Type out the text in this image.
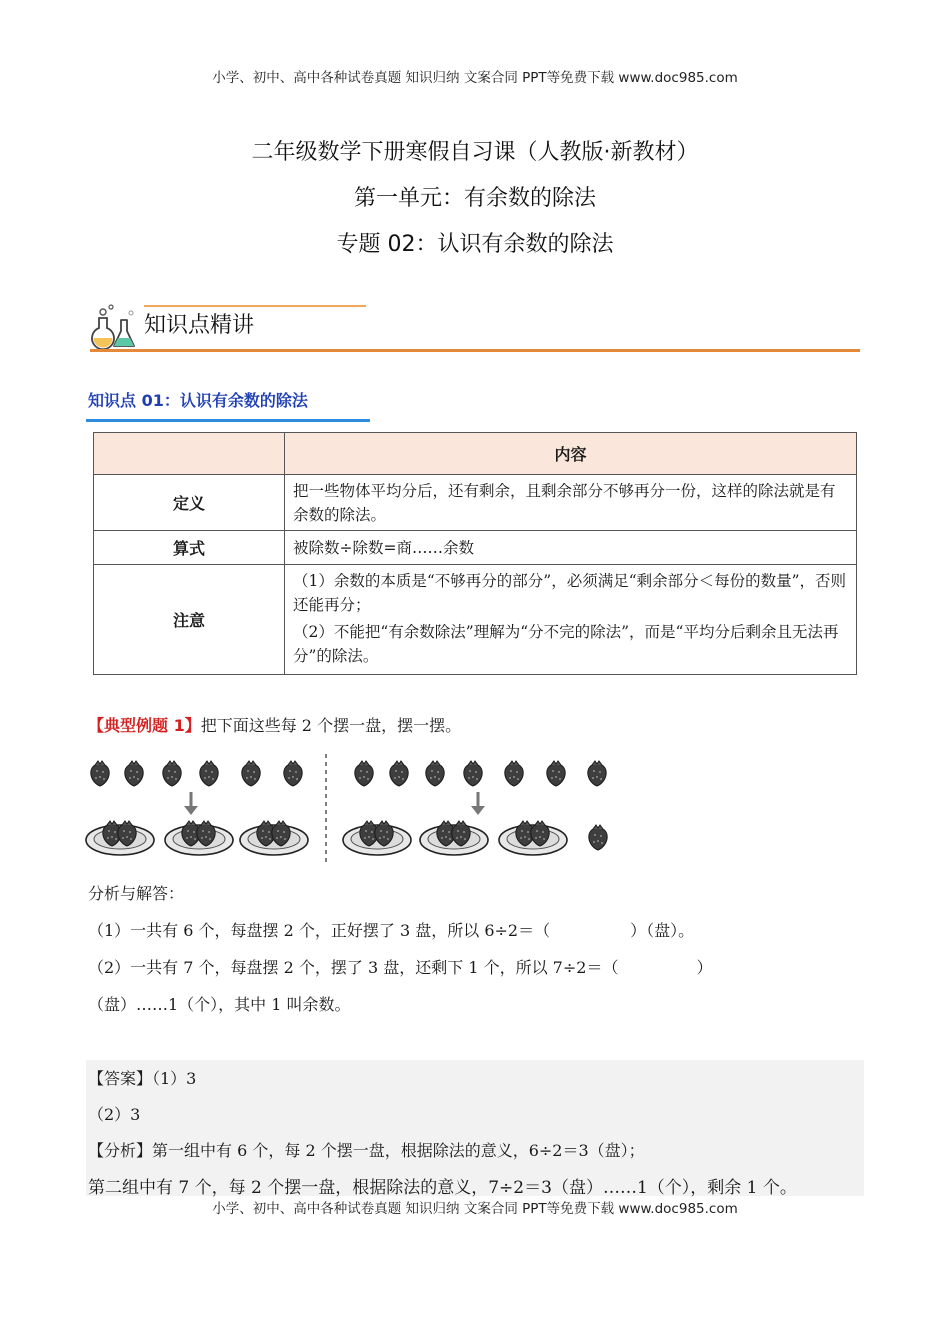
小学、初中、高中各种试卷真题 知识归纳 文案合同 PPT等免费下载 www.doc985.com
二年级数学下册寒假自习课（人教版·新教材）
第一单元：有余数的除法
专题 02：认识有余数的除法
知识点精讲
知识点 01：认识有余数的除法
	内容
定义	把一些物体平均分后，还有剩余，且剩余部分不够再分一份，这样的除法就是有余数的除法。
算式	被除数÷除数=商……余数
注意	（1）余数的本质是“不够再分的部分”，必须满足“剩余部分＜每份的数量”，否则还能再分；

（2）不能把“有余数除法”理解为“分不完的除法”，而是“平均分后剩余且无法再分”的除法。

【典型例题 1】把下面这些每 2 个摆一盘，摆一摆。
分析与解答：
（1）一共有 6 个，每盘摆 2 个，正好摆了 3 盘，所以 6÷2＝（	）（盘）。
（2）一共有 7 个，每盘摆 2 个，摆了 3 盘，还剩下 1 个，所以 7÷2＝（	）
（盘）……1（个），其中 1 叫余数。
【答案】（1）3
（2）3
【分析】第一组中有 6 个，每 2 个摆一盘，根据除法的意义，6÷2＝3（盘）；
第二组中有 7 个，每 2 个摆一盘，根据除法的意义，7÷2＝3（盘）……1（个），剩余 1 个。
小学、初中、高中各种试卷真题 知识归纳 文案合同 PPT等免费下载 www.doc985.com
